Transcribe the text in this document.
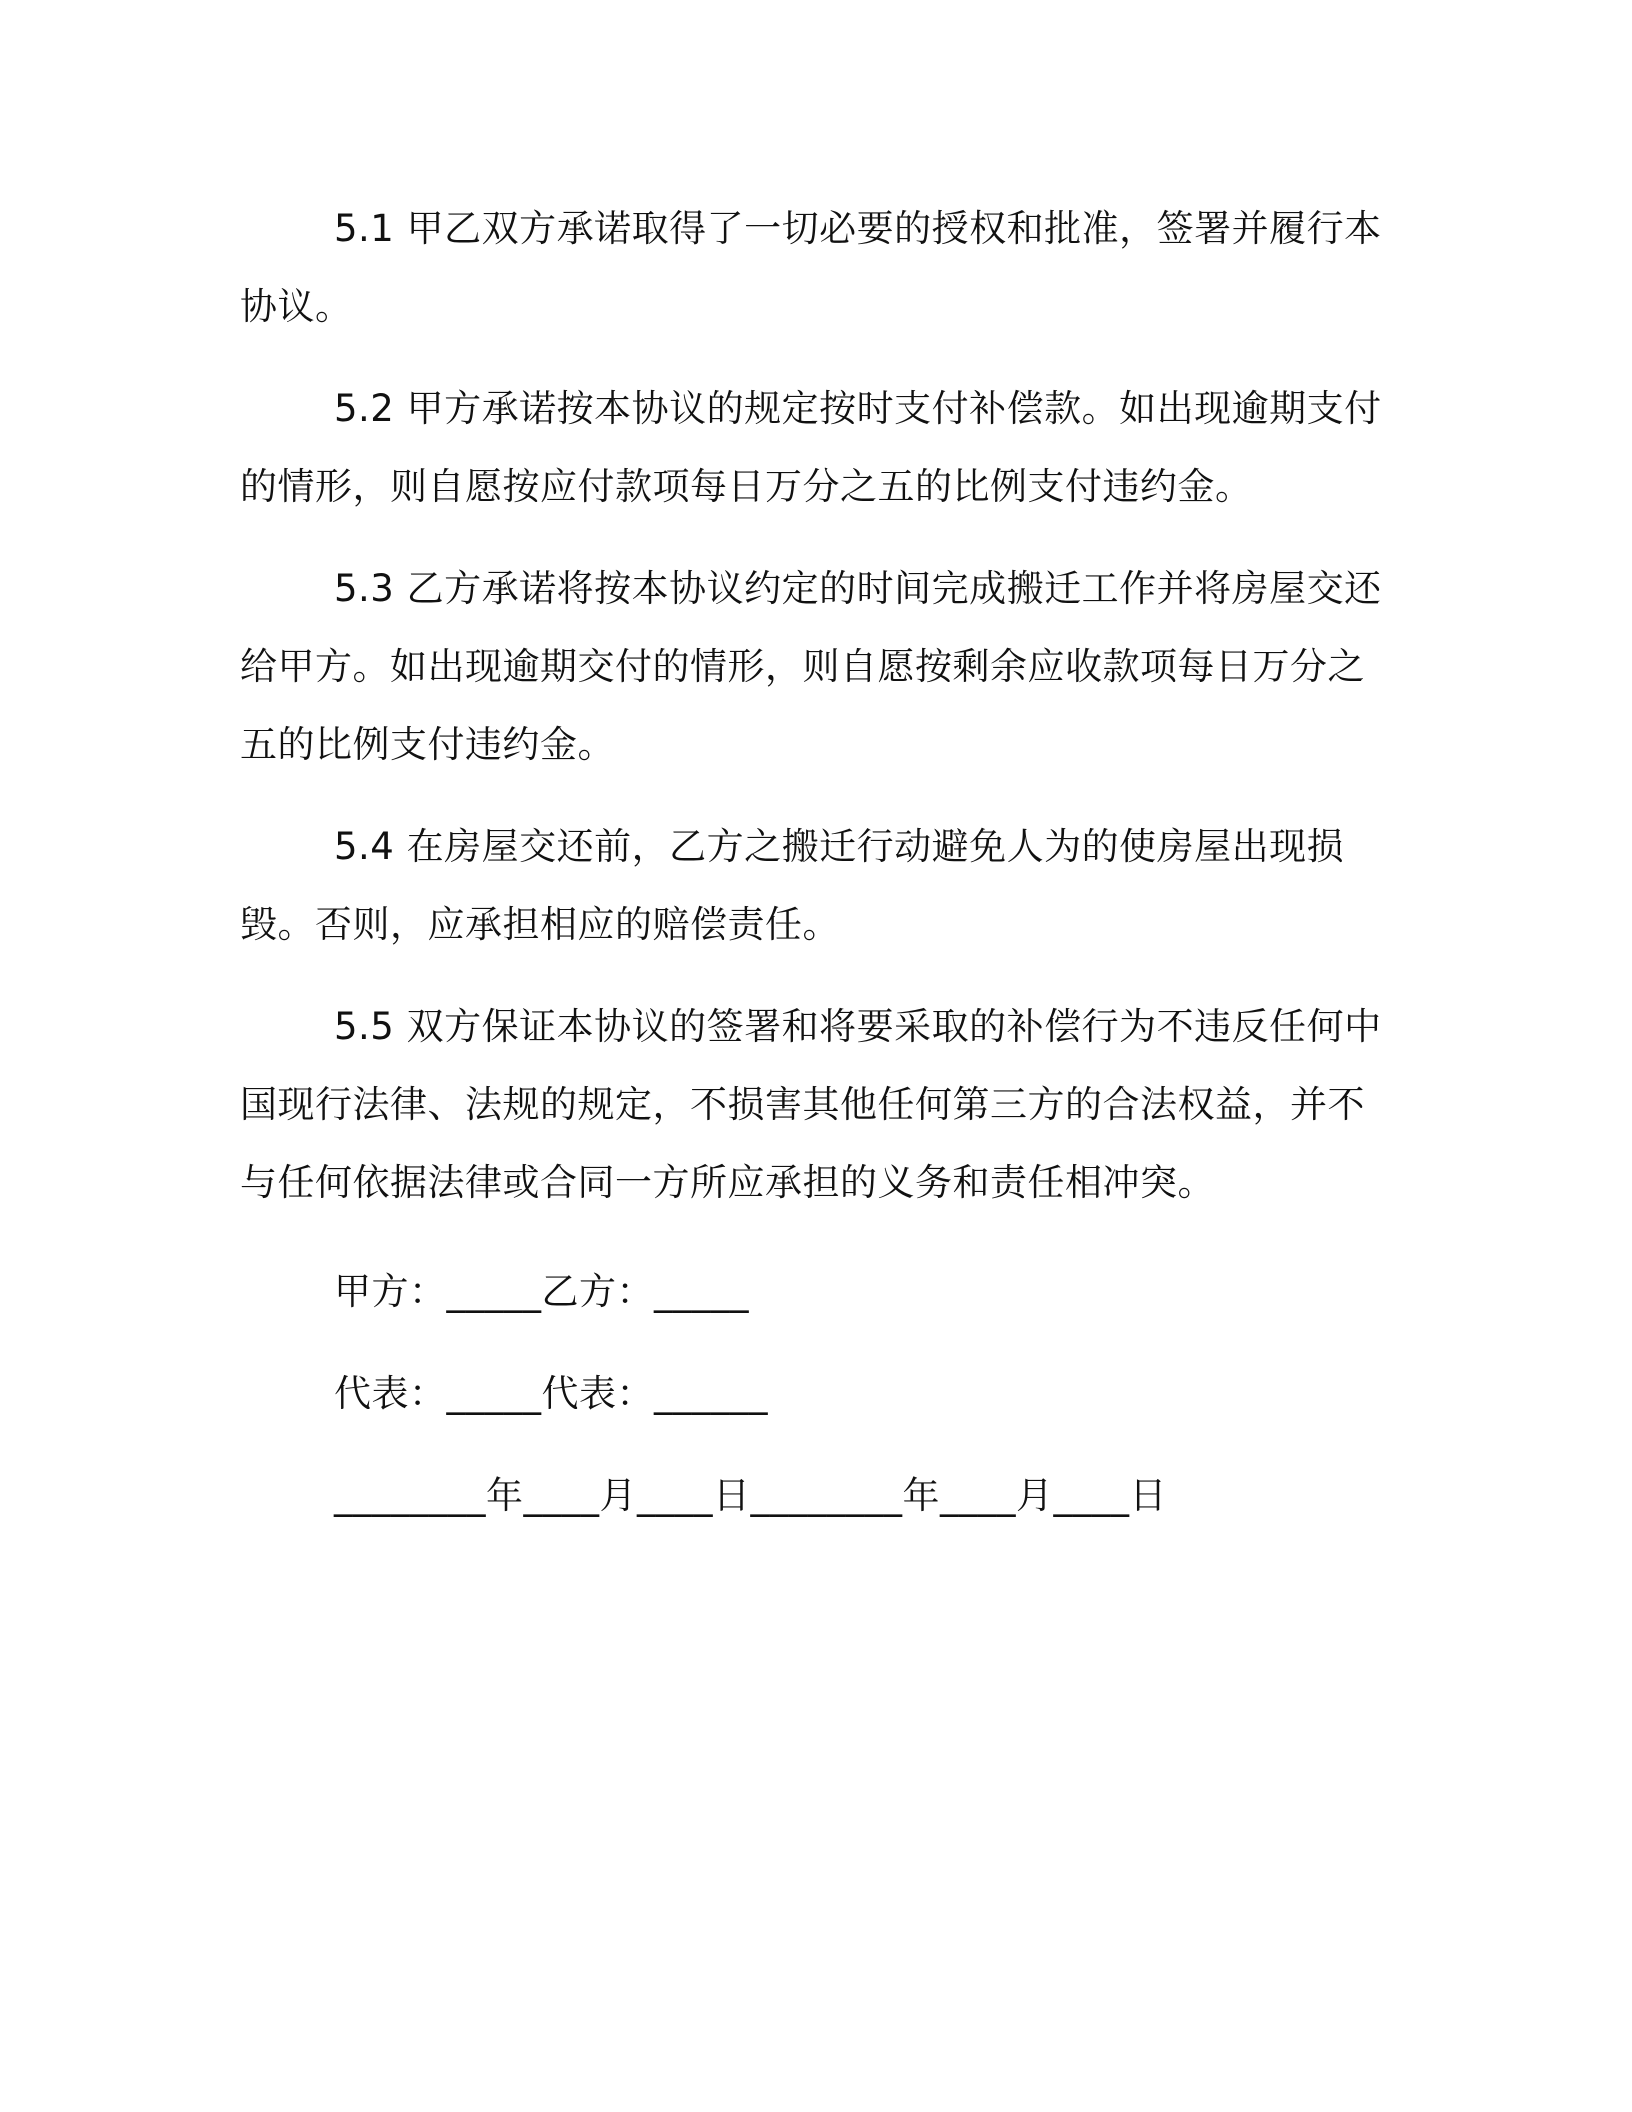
5.1 甲乙双方承诺取得了一切必要的授权和批准，签署并履行本协议。

5.2 甲方承诺按本协议的规定按时支付补偿款。如出现逾期支付的情形，则自愿按应付款项每日万分之五的比例支付违约金。

5.3 乙方承诺将按本协议约定的时间完成搬迁工作并将房屋交还给甲方。如出现逾期交付的情形，则自愿按剩余应收款项每日万分之五的比例支付违约金。

5.4 在房屋交还前，乙方之搬迁行动避免人为的使房屋出现损毁。否则，应承担相应的赔偿责任。

5.5 双方保证本协议的签署和将要采取的补偿行为不违反任何中国现行法律、法规的规定，不损害其他任何第三方的合法权益，并不与任何依据法律或合同一方所应承担的义务和责任相冲突。

甲方：_____乙方：_____

代表：_____代表：______

________年____月____日________年____月____日
